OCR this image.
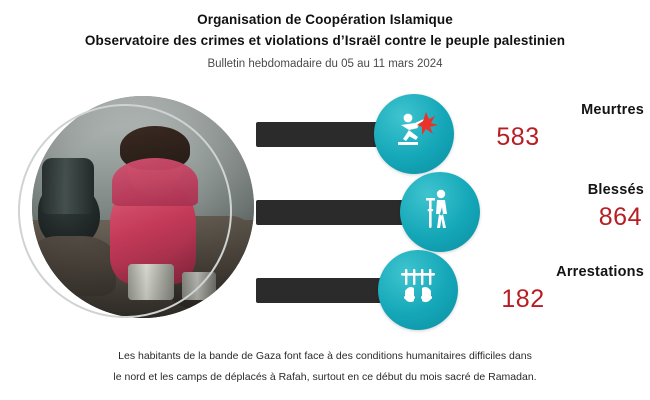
Organisation de Coopération Islamique
Observatoire des crimes et violations d’Israël contre le peuple palestinien
Bulletin hebdomadaire du 05 au 11 mars 2024
Meurtres
583
Blessés
864
Arrestations
182
Les habitants de la bande de Gaza font face à des conditions humanitaires difficiles dans
le nord et les camps de déplacés à Rafah, surtout en ce début du mois sacré de Ramadan.
